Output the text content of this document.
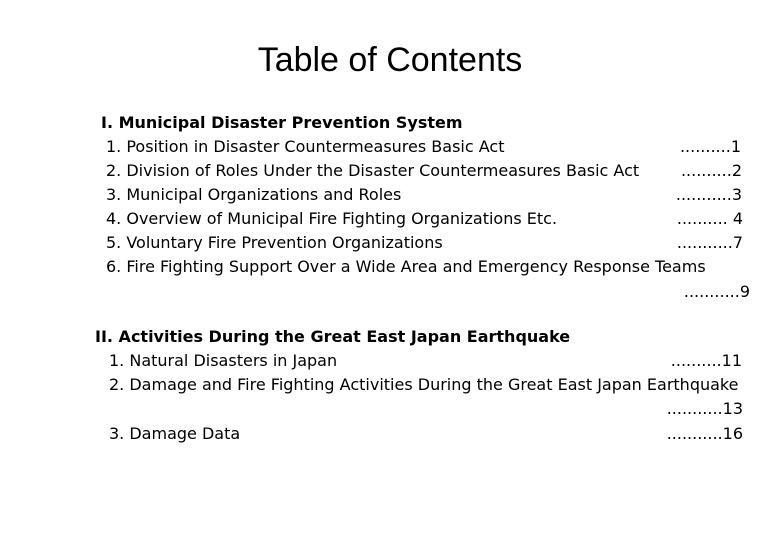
Table of Contents
I. Municipal Disaster Prevention System
1. Position in Disaster Countermeasures Basic Act	..........1
2. Division of Roles Under the Disaster Countermeasures Basic Act	..........2
3. Municipal Organizations and Roles	...........3
4. Overview of Municipal Fire Fighting Organizations Etc.	.......... 4
5. Voluntary Fire Prevention Organizations	...........7
6. Fire Fighting Support Over a Wide Area and Emergency Response Teams
...........9
II. Activities During the Great East Japan Earthquake
1. Natural Disasters in Japan	..........11
2. Damage and Fire Fighting Activities During the Great East Japan Earthquake
...........13
3. Damage Data	...........16
